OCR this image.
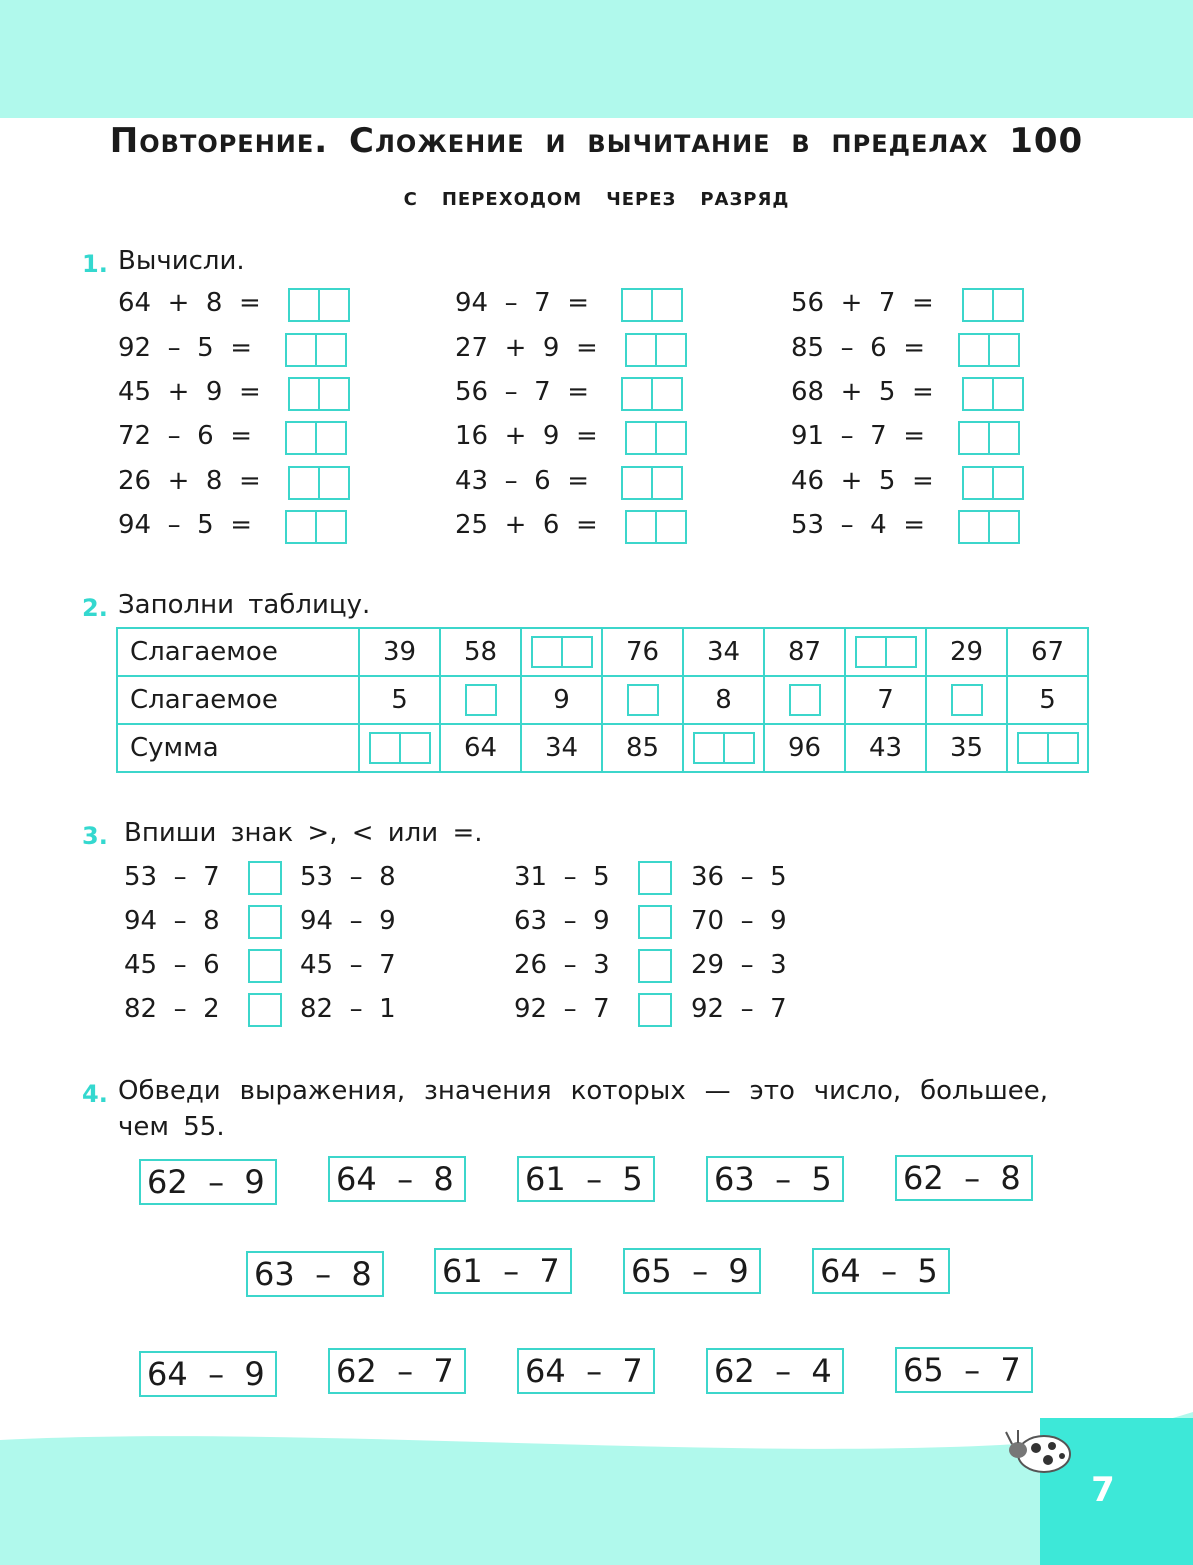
7
Повторение. Сложение и вычитание в пределах 100
с переходом через разряд
1. Вычисли.
64  +  8  =
92  –  5  =
45  +  9  =
72  –  6  =
26  +  8  =
94  –  5  =
94  –  7  =
27  +  9  =
56  –  7  =
16  +  9  =
43  –  6  =
25  +  6  =
56  +  7  =
85  –  6  =
68  +  5  =
91  –  7  =
46  +  5  =
53  –  4  =
2. Заполни таблицу.
Слагаемое	39	58		76	34	87		29	67
Слагаемое	5		9		8		7		5
Сумма		64	34	85		96	43	35	
3. Впиши знак >, < или =.
53  –  7	53  –  8
94  –  8	94  –  9
45  –  6	45  –  7
82  –  2	82  –  1
31  –  5	36  –  5
63  –  9	70  –  9
26  –  3	29  –  3
92  –  7	92  –  7
4. Обведи выражения, значения которых — это число, большее,
чем 55.
62  –  9	64  –  8	61  –  5	63  –  5	62  –  8
63  –  8	61  –  7	65  –  9	64  –  5
64  –  9	62  –  7	64  –  7	62  –  4	65  –  7
